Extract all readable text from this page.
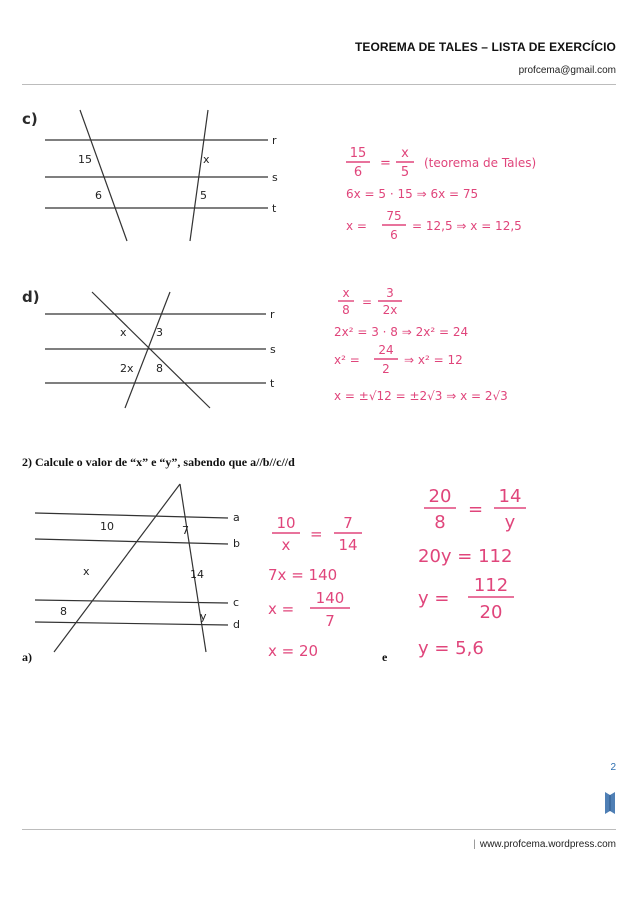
TEOREMA DE TALES – LISTA DE EXERCÍCIO
profcema@gmail.com
c)
r
s
t
15	x
6	5
15
6
=
x
5
(teorema de Tales)
6x = 5 · 15 ⇒ 6x = 75
x =
75
6
= 12,5 ⇒ x = 12,5
d)
r
s
t
x	3
2x 8
x
8
=
3
2x
2x² = 3 · 8 ⇒ 2x² = 24
x² =
24
2
⇒ x² = 12
x = ±√12 = ±2√3 ⇒ x = 2√3
2) Calcule o valor de “x” e “y”, sabendo que a//b//c//d
a
b
c
d
10	7
x	14
8	y
a)
10
x
=
7
14
7x = 140
x =
140
7
x = 20	e
20
8
=
14
y
20y = 112
y =
112
20
y = 5,6
2
| www.profcema.wordpress.com
